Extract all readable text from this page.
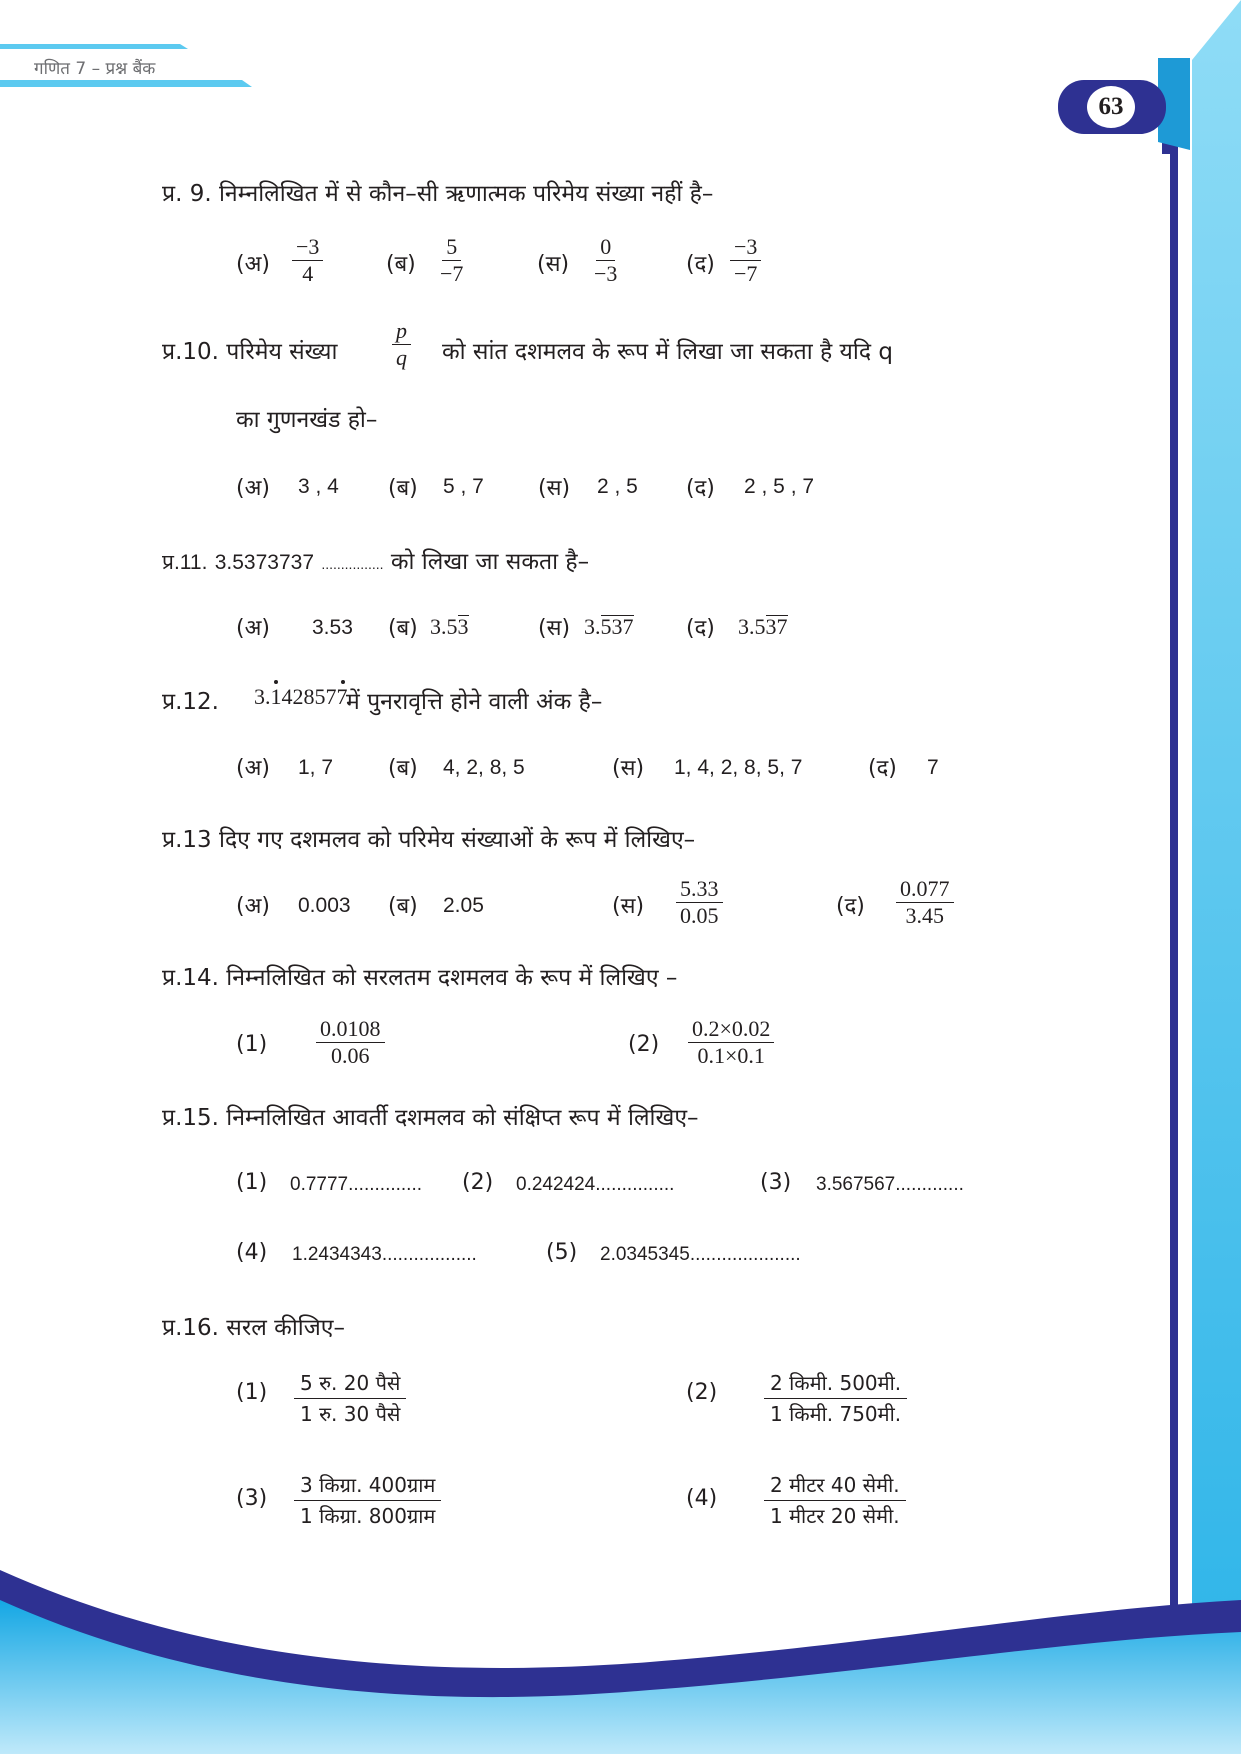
गणित 7 – प्रश्न बैंक
63
प्र. 9. निम्नलिखित में से कौन–सी ऋणात्मक परिमेय संख्या नहीं है–
(अ) $\frac{-3}{4}$	(ब) $\frac{5}{-7}$	(स) $\frac{0}{-3}$	(द) $\frac{-3}{-7}$
प्र.10. परिमेय संख्या $\frac{p}{q}$ को सांत दशमलव के रूप में लिखा जा सकता है यदि q
का गुणनखंड हो–
(अ) 3 , 4 (ब) 5 , 7 (स) 2 , 5 (द) 2 , 5 , 7
प्र.11. 3.5373737 ................ को लिखा जा सकता है–
(अ) 3.53 (ब) 3.53	(स) 3.537 (द) 3.537
प्र.12. 3.
142857
7
में पुनरावृत्ति होने वाली अंक है–
(अ) 1, 7 (ब) 4, 2, 8, 5	(स) 1, 4, 2, 8, 5, 7	(द) 7
प्र.13 दिए गए दशमलव को परिमेय संख्याओं के रूप में लिखिए–
(अ) 0.003 (ब) 2.05	(स) $\frac{5.33}{0.05}$	(द) $\frac{0.077}{3.45}$
प्र.14. निम्नलिखित को सरलतम दशमलव के रूप में लिखिए –
$(1) \frac{0.0108}{0.06}$	$(2) \frac{0.2\times 0.02}{0.1\times 0.1}$
प्र.15. निम्नलिखित आवर्ती दशमलव को संक्षिप्त रूप में लिखिए–
(1) 0.7777.............. (2) 0.242424...............	(3) 3.567567.............
(4) 1.2434343..................	(5) 2.0345345.....................
प्र.16. सरल कीजिए–
(1)	5 रु. 20 पैसे
1 रु. 30 पैसे
(2)	2 किमी. 500मी.
1 किमी. 750मी.
(3)
3 किग्रा. 400ग्राम
1 किग्रा. 800ग्राम
(4)
2 मीटर 40 सेमी.
1 मीटर 20 सेमी.
